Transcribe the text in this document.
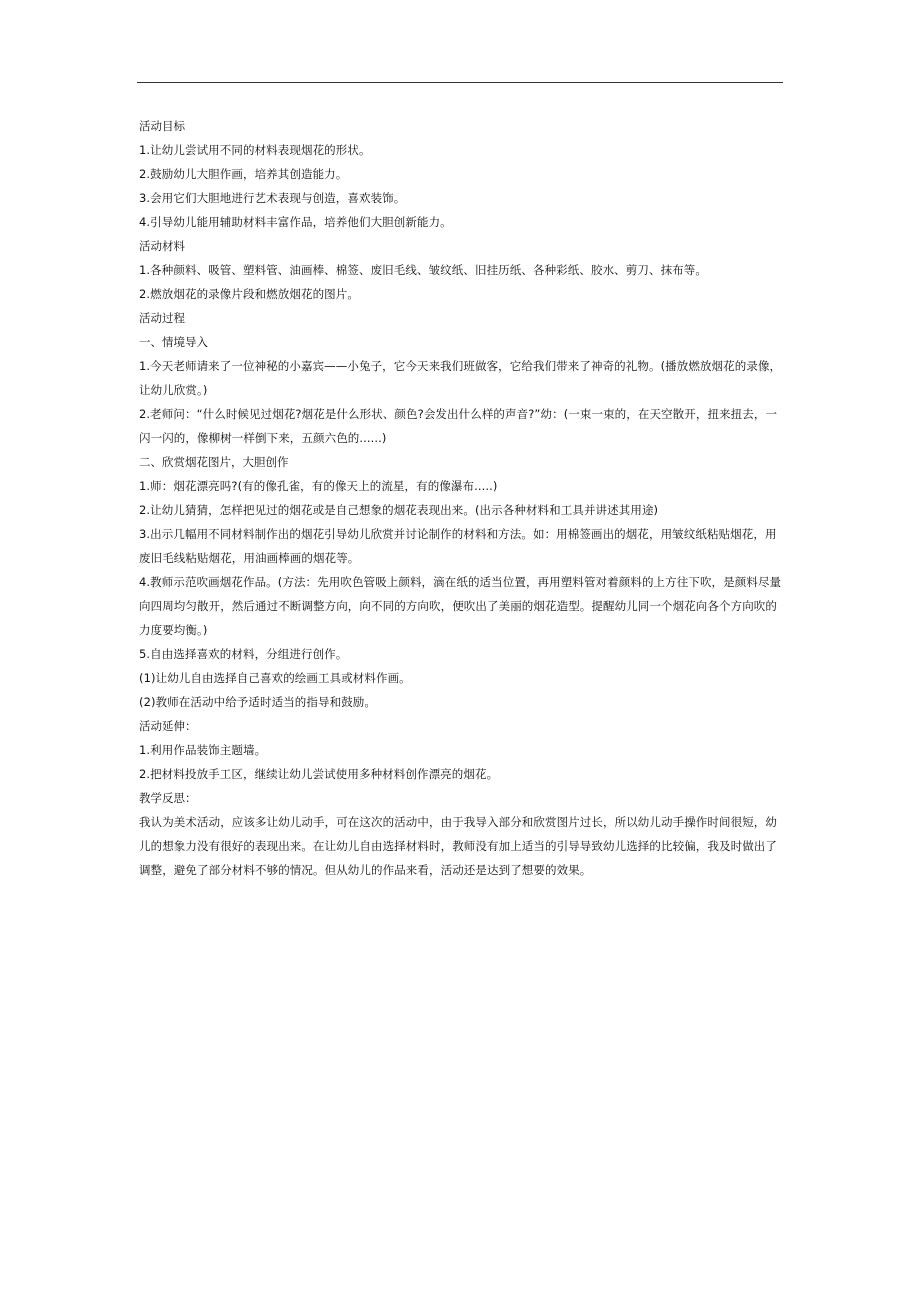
活动目标
1.让幼儿尝试用不同的材料表现烟花的形状。
2.鼓励幼儿大胆作画，培养其创造能力。
3.会用它们大胆地进行艺术表现与创造，喜欢装饰。
4.引导幼儿能用辅助材料丰富作品，培养他们大胆创新能力。
活动材料
1.各种颜料、吸管、塑料管、油画棒、棉签、废旧毛线、皱纹纸、旧挂历纸、各种彩纸、胶水、剪刀、抹布等。
2.燃放烟花的录像片段和燃放烟花的图片。
活动过程
一、情境导入
1.今天老师请来了一位神秘的小嘉宾——小兔子，它今天来我们班做客，它给我们带来了神奇的礼物。(播放燃放烟花的录像，让幼儿欣赏。)
2.老师问：“什么时候见过烟花?烟花是什么形状、颜色?会发出什么样的声音?”幼：(一束一束的，在天空散开，扭来扭去，一闪一闪的，像柳树一样倒下来，五颜六色的......)
二、欣赏烟花图片，大胆创作
1.师：烟花漂亮吗?(有的像孔雀，有的像天上的流星，有的像瀑布.....)
2.让幼儿猜猜，怎样把见过的烟花或是自己想象的烟花表现出来。(出示各种材料和工具并讲述其用途)
3.出示几幅用不同材料制作出的烟花引导幼儿欣赏并讨论制作的材料和方法。如：用棉签画出的烟花，用皱纹纸粘贴烟花，用废旧毛线粘贴烟花，用油画棒画的烟花等。
4.教师示范吹画烟花作品。(方法：先用吹色管吸上颜料，滴在纸的适当位置，再用塑料管对着颜料的上方往下吹，是颜料尽量向四周均匀散开，然后通过不断调整方向，向不同的方向吹，便吹出了美丽的烟花造型。提醒幼儿同一个烟花向各个方向吹的力度要均衡。)
5.自由选择喜欢的材料，分组进行创作。
(1)让幼儿自由选择自己喜欢的绘画工具或材料作画。
(2)教师在活动中给予适时适当的指导和鼓励。
活动延伸：
1.利用作品装饰主题墙。
2.把材料投放手工区，继续让幼儿尝试使用多种材料创作漂亮的烟花。
教学反思：
我认为美术活动，应该多让幼儿动手，可在这次的活动中，由于我导入部分和欣赏图片过长，所以幼儿动手操作时间很短，幼儿的想象力没有很好的表现出来。在让幼儿自由选择材料时，教师没有加上适当的引导导致幼儿选择的比较偏，我及时做出了调整，避免了部分材料不够的情况。但从幼儿的作品来看，活动还是达到了想要的效果。
